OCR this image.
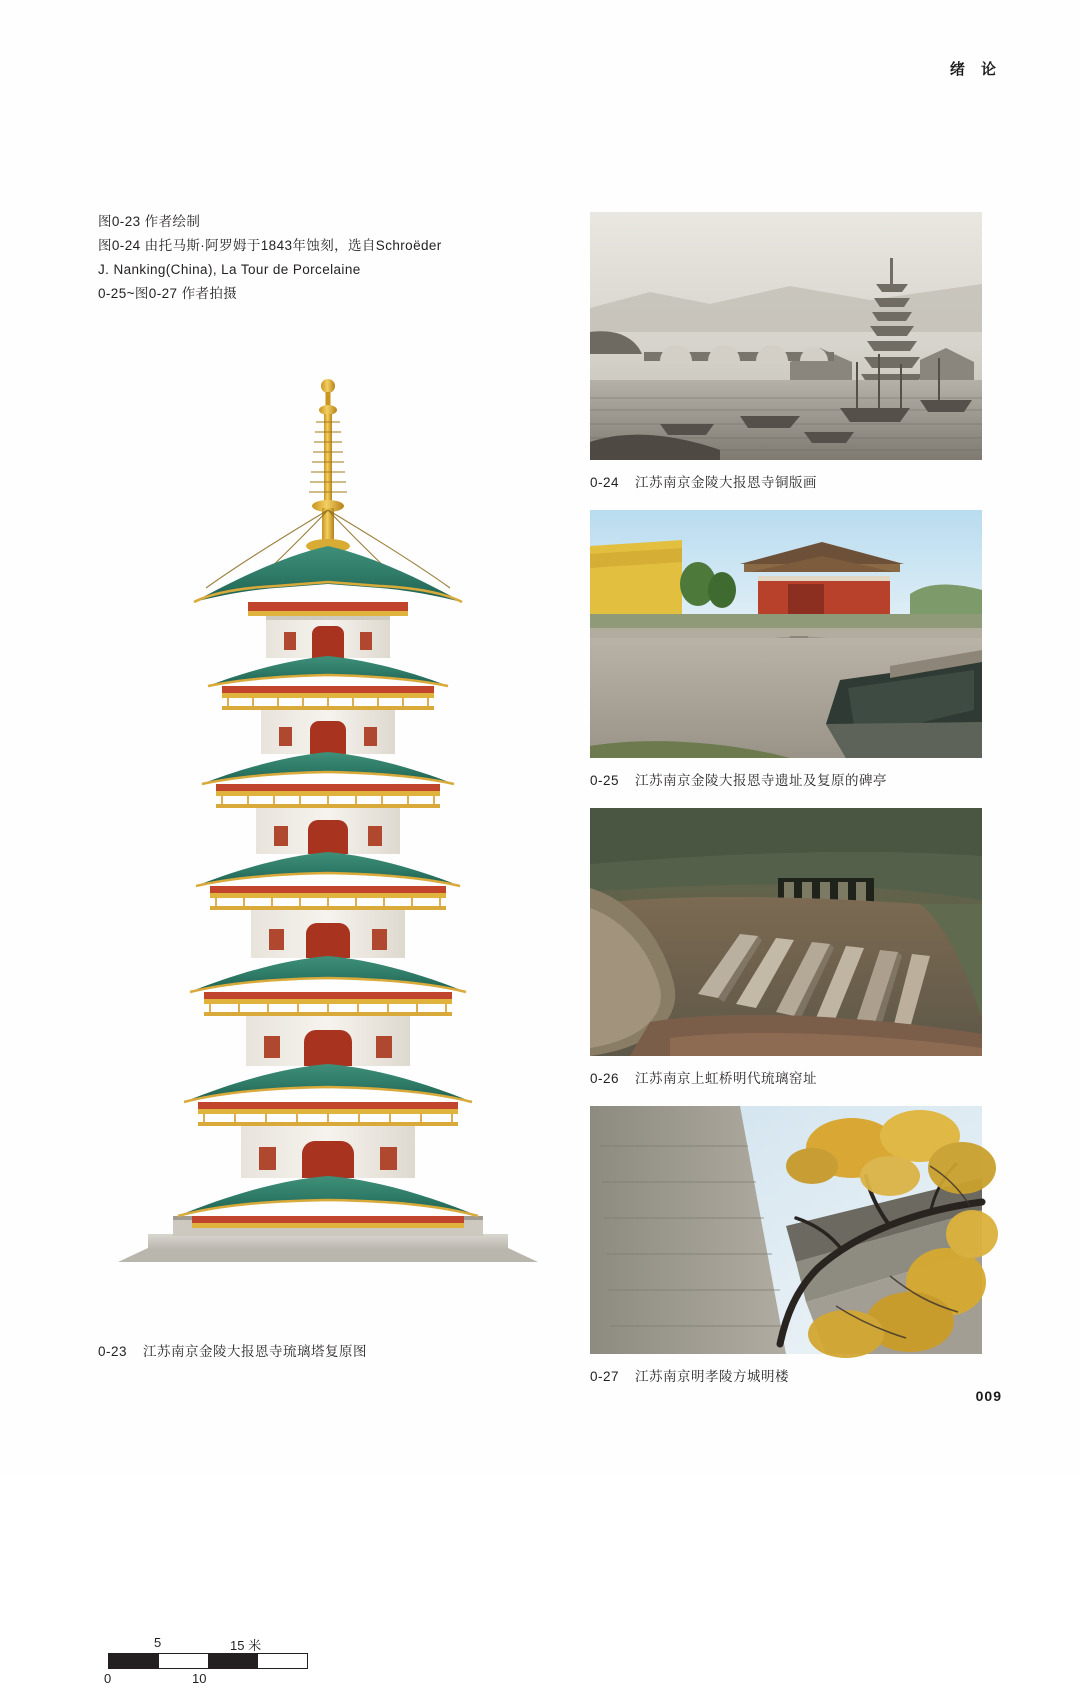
绪 论
图0-23 作者绘制
图0-24 由托马斯·阿罗姆于1843年蚀刻，选自Schroëder
J. Nanking(China), La Tour de Porcelaine
0-25~图0-27 作者拍摄
5	15 米
0	10
0-23 江苏南京金陵大报恩寺琉璃塔复原图
0-24 江苏南京金陵大报恩寺铜版画
0-25 江苏南京金陵大报恩寺遗址及复原的碑亭
0-26 江苏南京上虹桥明代琉璃窑址
0-27 江苏南京明孝陵方城明楼
009
